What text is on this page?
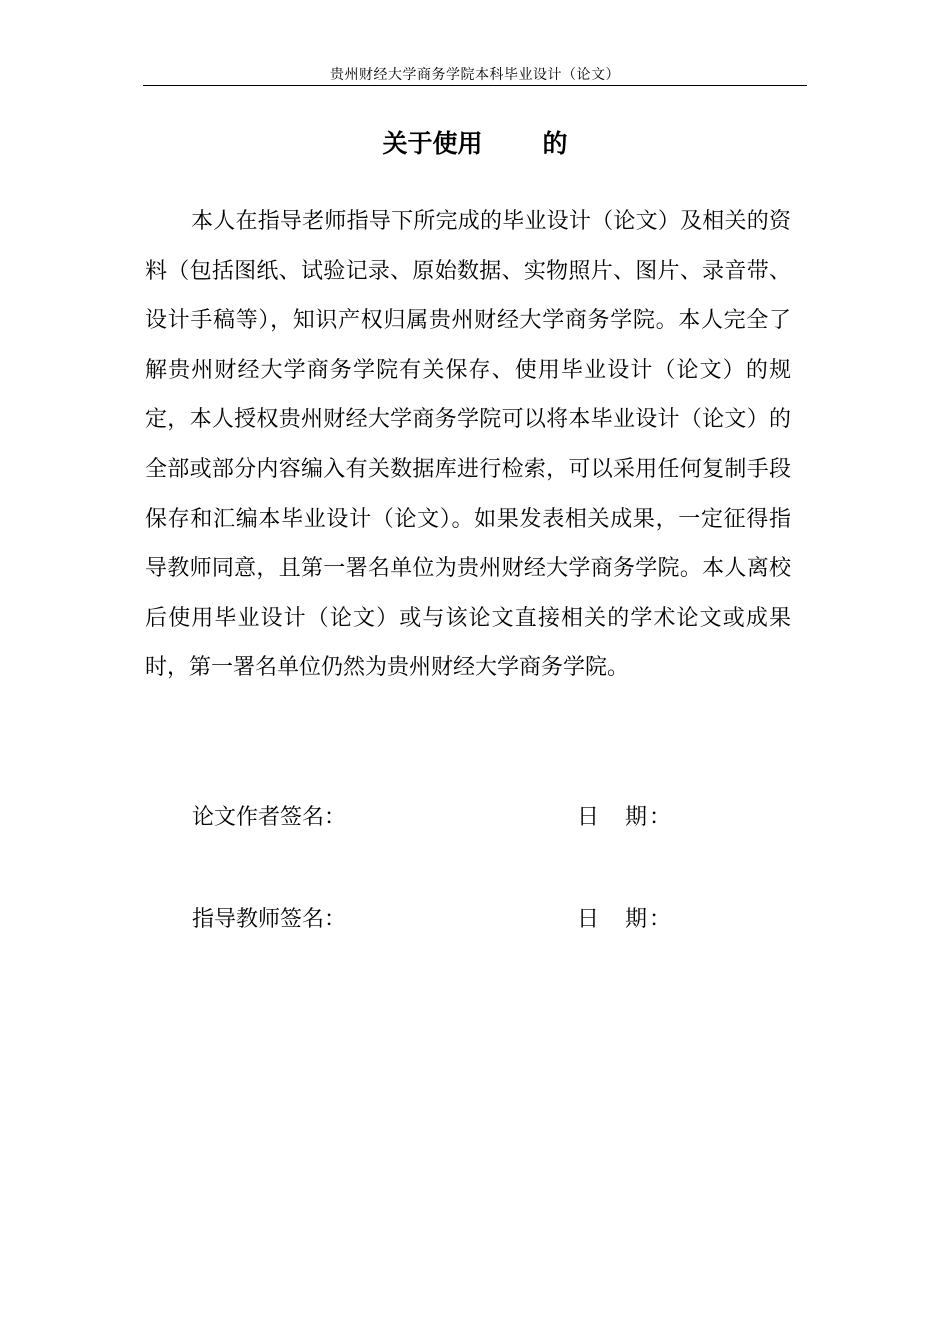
贵州财经大学商务学院本科毕业设计（论文）
关于使用 的

本人在指导老师指导下所完成的毕业设计（论文）及相关的资料（包括图纸、试验记录、原始数据、实物照片、图片、录音带、设计手稿等），知识产权归属贵州财经大学商务学院。本人完全了解贵州财经大学商务学院有关保存、使用毕业设计（论文）的规定，本人授权贵州财经大学商务学院可以将本毕业设计（论文）的全部或部分内容编入有关数据库进行检索，可以采用任何复制手段保存和汇编本毕业设计（论文）。如果发表相关成果，一定征得指导教师同意，且第一署名单位为贵州财经大学商务学院。本人离校后使用毕业设计（论文）或与该论文直接相关的学术论文或成果时，第一署名单位仍然为贵州财经大学商务学院。

论文作者签名：	日 期：
指导教师签名：	日 期：
